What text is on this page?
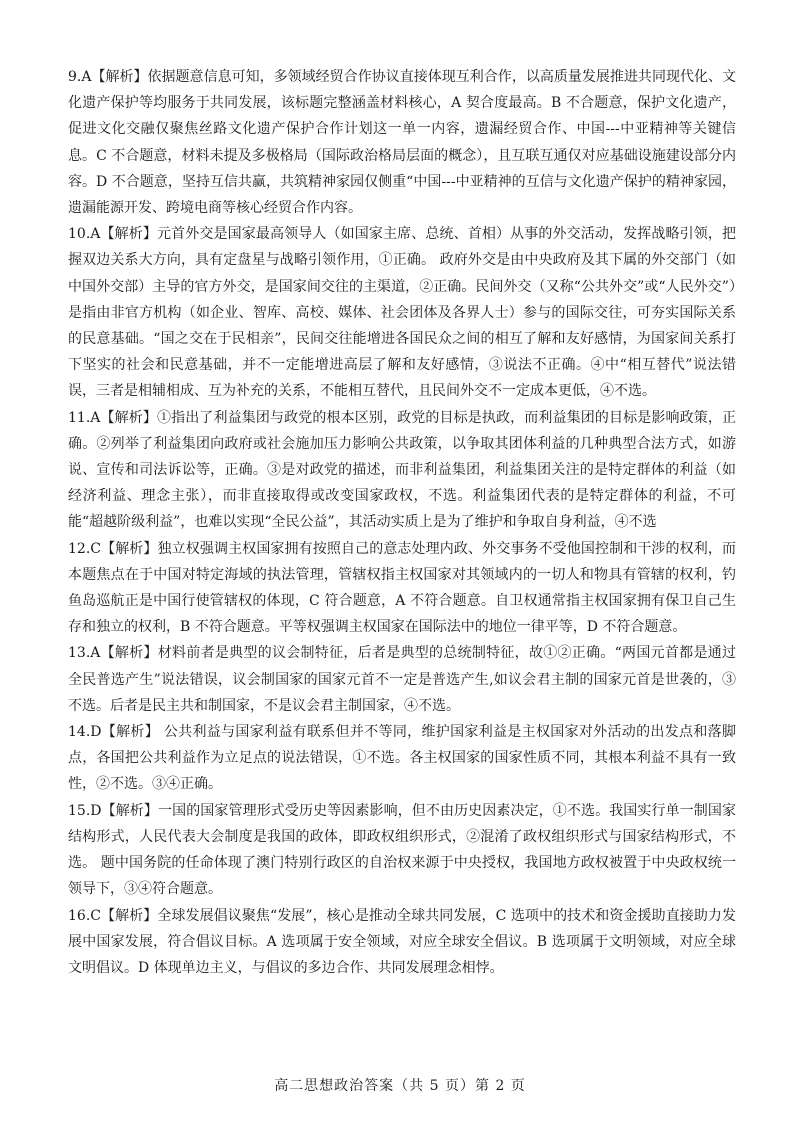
9.A【解析】依据题意信息可知，多领域经贸合作协议直接体现互利合作，以高质量发展推进共同现代化、文化遗产保护等均服务于共同发展，该标题完整涵盖材料核心，A 契合度最高。B 不合题意，保护文化遗产，促进文化交融仅聚焦丝路文化遗产保护合作计划这一单一内容，遗漏经贸合作、中国---中亚精神等关键信息。C 不合题意，材料未提及多极格局（国际政治格局层面的概念），且互联互通仅对应基础设施建设部分内容。D 不合题意，坚持互信共赢，共筑精神家园仅侧重“中国---中亚精神的互信与文化遗产保护的精神家园，遗漏能源开发、跨境电商等核心经贸合作内容。

10.A【解析】元首外交是国家最高领导人（如国家主席、总统、首相）从事的外交活动，发挥战略引领，把握双边关系大方向，具有定盘星与战略引领作用，①正确。 政府外交是由中央政府及其下属的外交部门（如中国外交部）主导的官方外交，是国家间交往的主渠道，②正确。民间外交（又称“公共外交”或“人民外交”）是指由非官方机构（如企业、智库、高校、媒体、社会团体及各界人士）参与的国际交往，可夯实国际关系的民意基础。“国之交在于民相亲”，民间交往能增进各国民众之间的相互了解和友好感情，为国家间关系打下坚实的社会和民意基础，并不一定能增进高层了解和友好感情，③说法不正确。④中“相互替代”说法错误，三者是相辅相成、互为补充的关系，不能相互替代，且民间外交不一定成本更低，④不选。

11.A【解析】①指出了利益集团与政党的根本区别，政党的目标是执政，而利益集团的目标是影响政策，正确。②列举了利益集团向政府或社会施加压力影响公共政策，以争取其团体利益的几种典型合法方式，如游说、宣传和司法诉讼等，正确。③是对政党的描述，而非利益集团，利益集团关注的是特定群体的利益（如经济利益、理念主张），而非直接取得或改变国家政权，不选。利益集团代表的是特定群体的利益，不可能“超越阶级利益”，也难以实现“全民公益”，其活动实质上是为了维护和争取自身利益，④不选

12.C【解析】独立权强调主权国家拥有按照自己的意志处理内政、外交事务不受他国控制和干涉的权利，而本题焦点在于中国对特定海域的执法管理，管辖权指主权国家对其领域内的一切人和物具有管辖的权利，钓鱼岛巡航正是中国行使管辖权的体现，C 符合题意，A 不符合题意。自卫权通常指主权国家拥有保卫自己生存和独立的权利，B 不符合题意。平等权强调主权国家在国际法中的地位一律平等，D 不符合题意。

13.A【解析】材料前者是典型的议会制特征，后者是典型的总统制特征，故①②正确。“两国元首都是通过全民普选产生”说法错误，议会制国家的国家元首不一定是普选产生,如议会君主制的国家元首是世袭的，③不选。后者是民主共和制国家，不是议会君主制国家，④不选。

14.D【解析】 公共利益与国家利益有联系但并不等同，维护国家利益是主权国家对外活动的出发点和落脚点，各国把公共利益作为立足点的说法错误，①不选。各主权国家的国家性质不同，其根本利益不具有一致性，②不选。③④正确。

15.D【解析】一国的国家管理形式受历史等因素影响，但不由历史因素决定，①不选。我国实行单一制国家结构形式，人民代表大会制度是我国的政体，即政权组织形式，②混淆了政权组织形式与国家结构形式，不选。 题中国务院的任命体现了澳门特别行政区的自治权来源于中央授权，我国地方政权被置于中央政权统一领导下，③④符合题意。

16.C【解析】全球发展倡议聚焦“发展”，核心是推动全球共同发展，C 选项中的技术和资金援助直接助力发展中国家发展，符合倡议目标。A 选项属于安全领域，对应全球安全倡议。B 选项属于文明领域，对应全球文明倡议。D 体现单边主义，与倡议的多边合作、共同发展理念相悖。

高二思想政治答案（共 5 页）第 2 页
